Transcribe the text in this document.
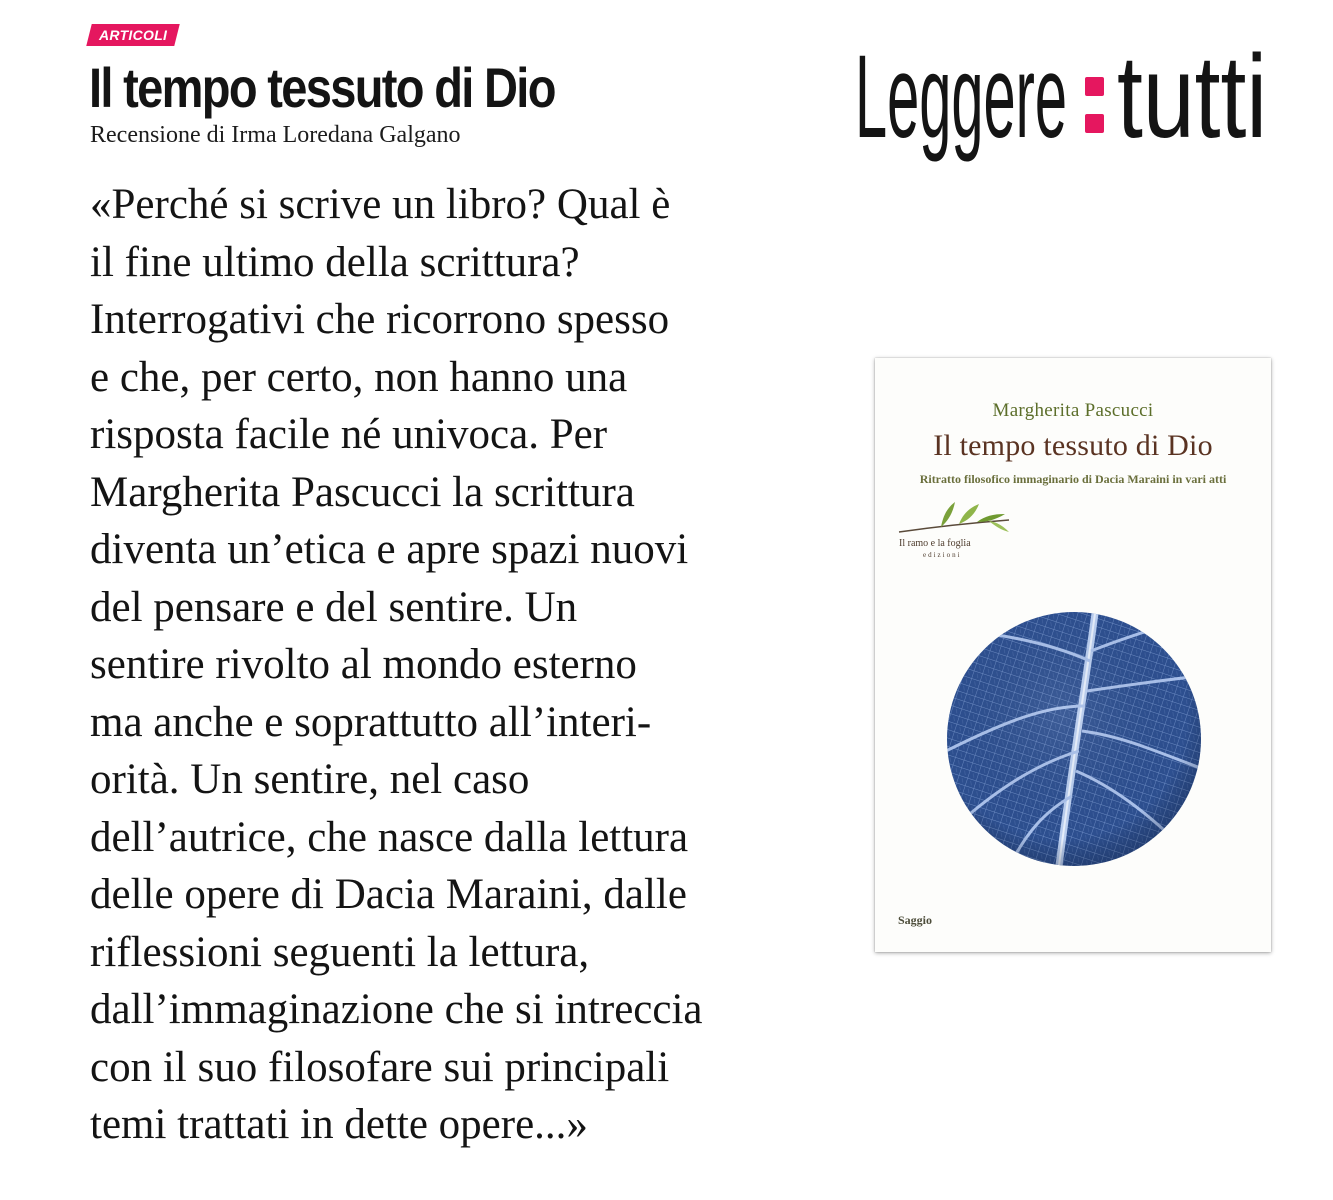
ARTICOLI
Il tempo tessuto di Dio
Recensione di Irma Loredana Galgano
«Perché si scrive un libro? Qual è
il fine ultimo della scrittura?
Interrogativi che ricorrono spesso
e che, per certo, non hanno una
risposta facile né univoca. Per
Margherita Pascucci la scrittura
diventa un’etica e apre spazi nuovi
del pensare e del sentire. Un
sentire rivolto al mondo esterno
ma anche e soprattutto all’interi-
orità. Un sentire, nel caso
dell’autrice, che nasce dalla lettura
delle opere di Dacia Maraini, dalle
riflessioni seguenti la lettura,
dall’immaginazione che si intreccia
con il suo filosofare sui principali
temi trattati in dette opere...»
Leggere tutti
Margherita Pascucci
Il tempo tessuto di Dio
Ritratto filosofico immaginario di Dacia Maraini in vari atti
Il ramo e la foglia
edizioni
Saggio
